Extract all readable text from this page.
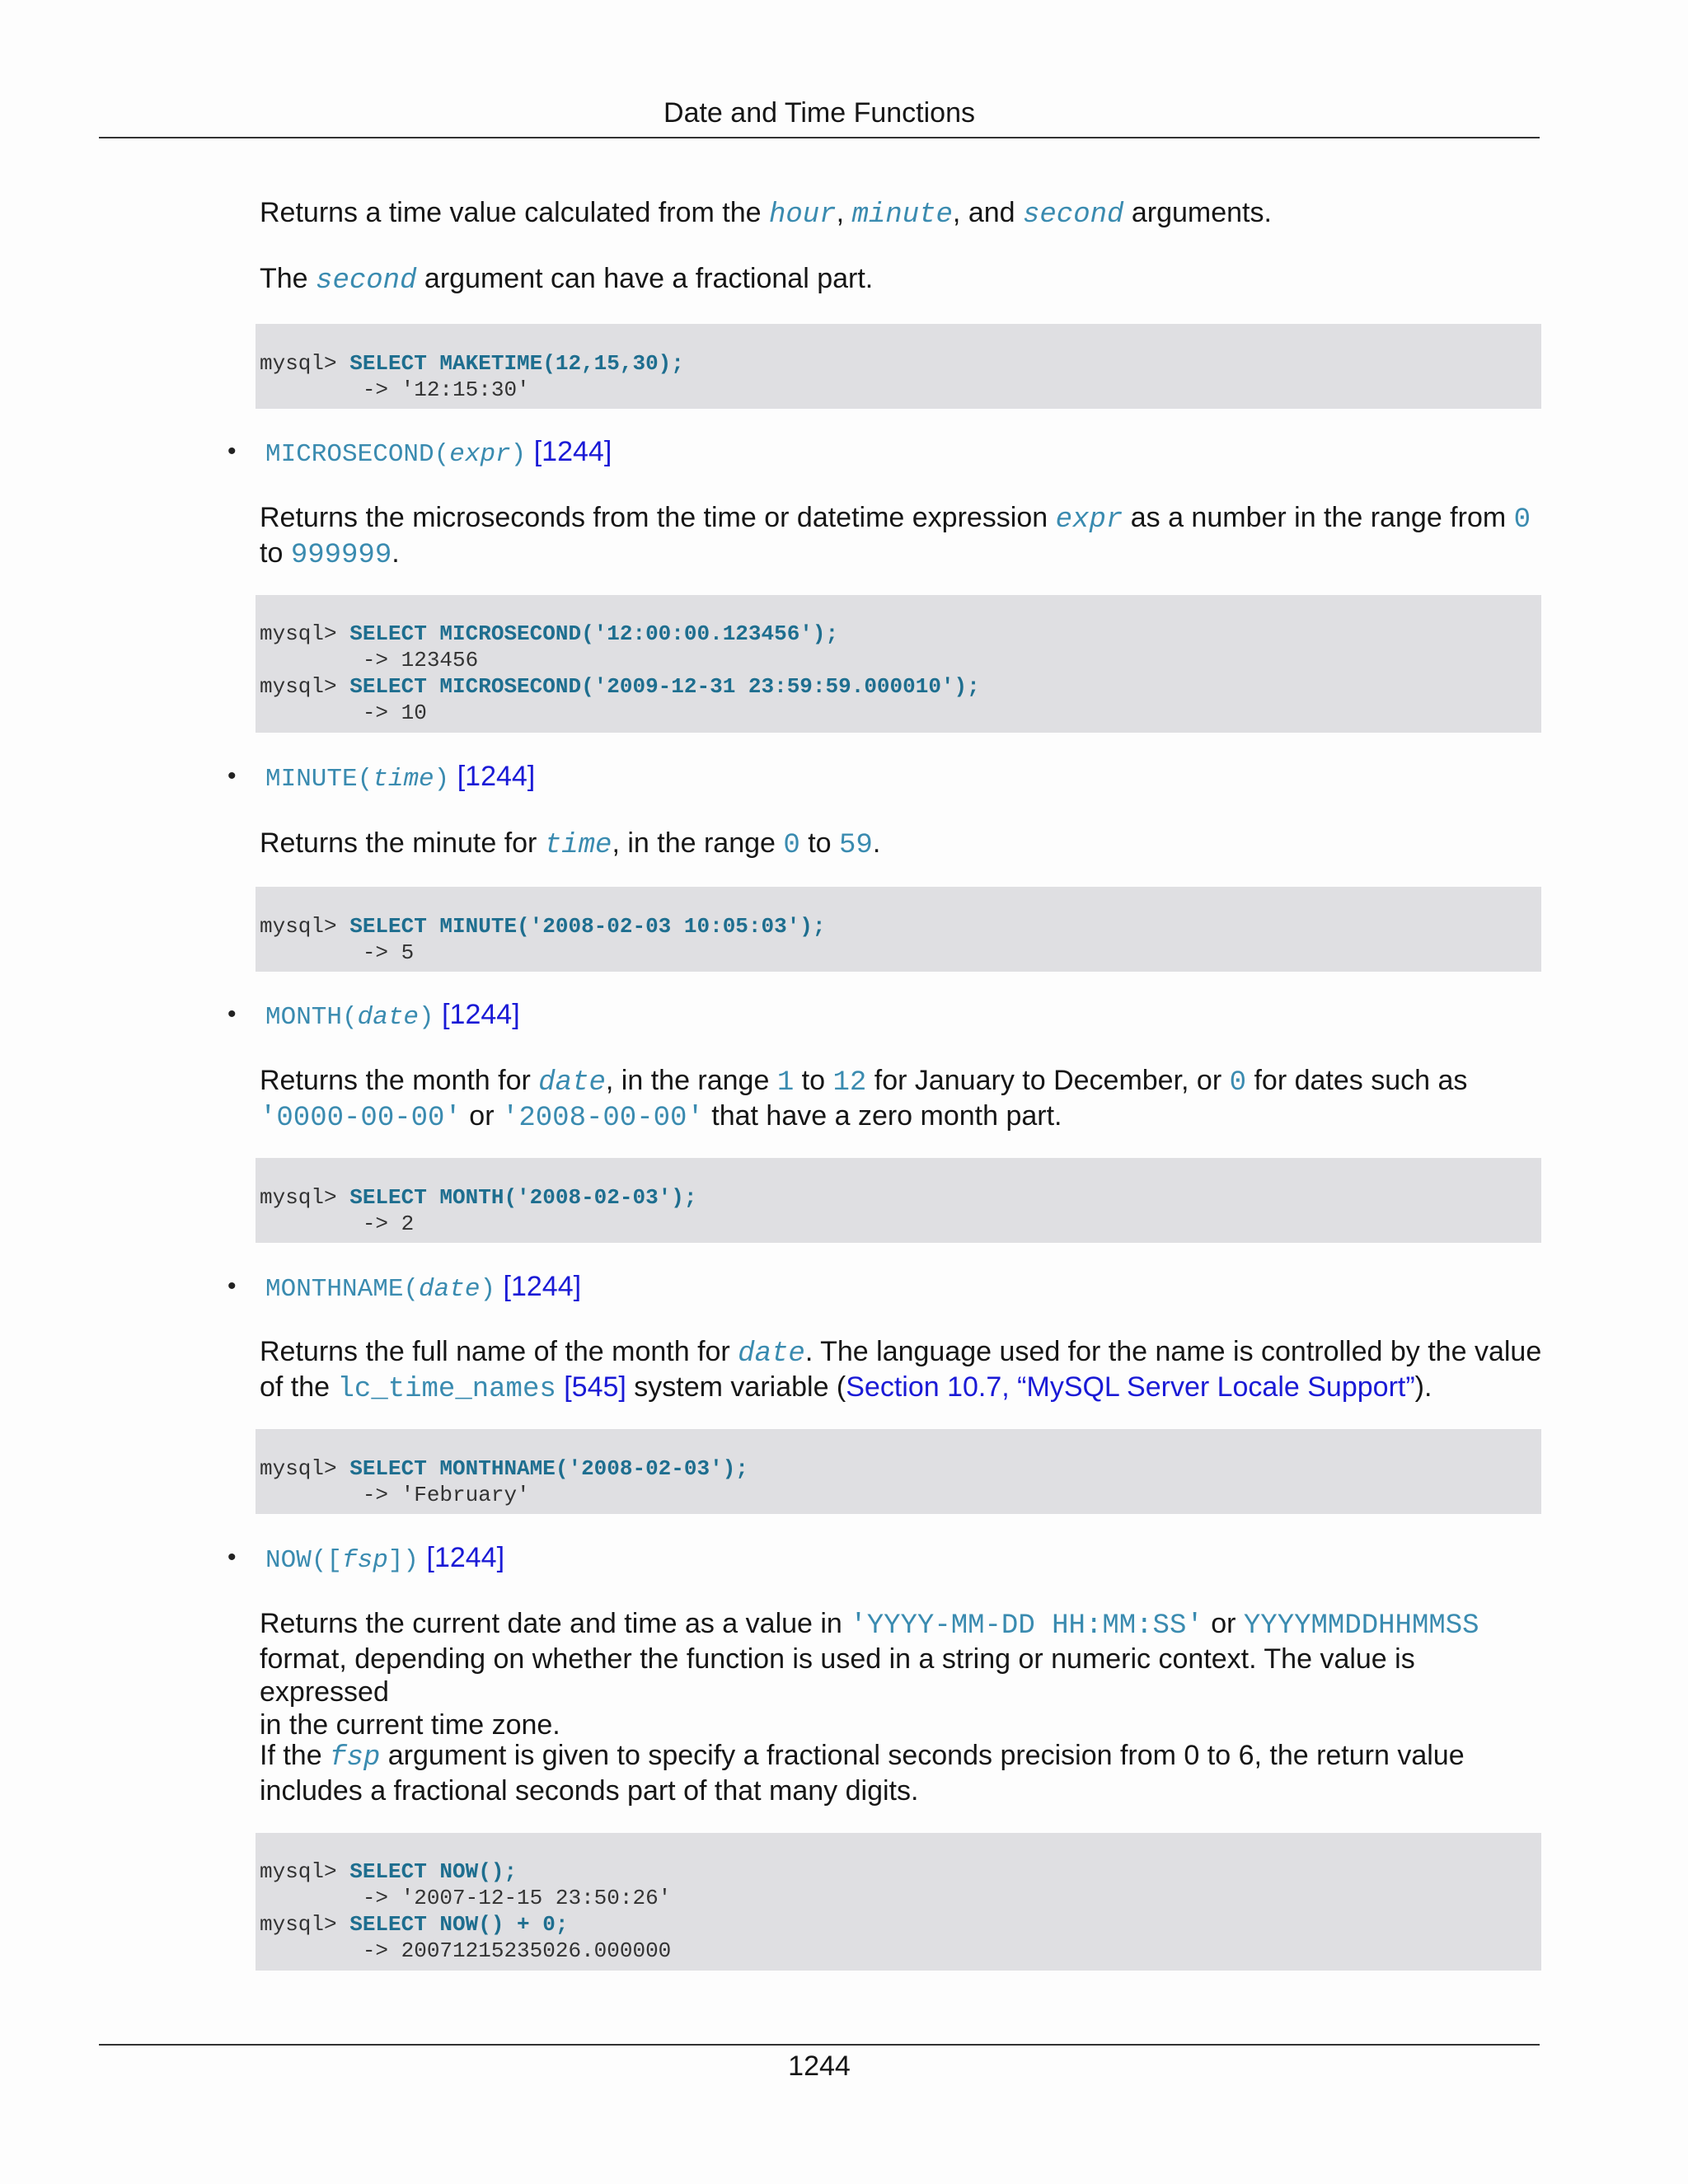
Date and Time Functions
Returns a time value calculated from the hour, minute, and second arguments.
The second argument can have a fractional part.
mysql> SELECT MAKETIME(12,15,30);
-> '12:15:30'
• MICROSECOND(expr) [1244]
Returns the microseconds from the time or datetime expression expr as a number in the range from 0
to 999999.
mysql> SELECT MICROSECOND('12:00:00.123456');
-> 123456
mysql> SELECT MICROSECOND('2009-12-31 23:59:59.000010');
-> 10
• MINUTE(time) [1244]
Returns the minute for time, in the range 0 to 59.
mysql> SELECT MINUTE('2008-02-03 10:05:03');
-> 5
• MONTH(date) [1244]
Returns the month for date, in the range 1 to 12 for January to December, or 0 for dates such as
'0000-00-00' or '2008-00-00' that have a zero month part.
mysql> SELECT MONTH('2008-02-03');
-> 2
• MONTHNAME(date) [1244]
Returns the full name of the month for date. The language used for the name is controlled by the value
of the lc_time_names [545] system variable (Section 10.7, “MySQL Server Locale Support”).
mysql> SELECT MONTHNAME('2008-02-03');
-> 'February'
• NOW([fsp]) [1244]
Returns the current date and time as a value in 'YYYY-MM-DD HH:MM:SS' or YYYYMMDDHHMMSS
format, depending on whether the function is used in a string or numeric context. The value is expressed
in the current time zone.
If the fsp argument is given to specify a fractional seconds precision from 0 to 6, the return value
includes a fractional seconds part of that many digits.
mysql> SELECT NOW();
-> '2007-12-15 23:50:26'
mysql> SELECT NOW() + 0;
-> 20071215235026.000000
1244
